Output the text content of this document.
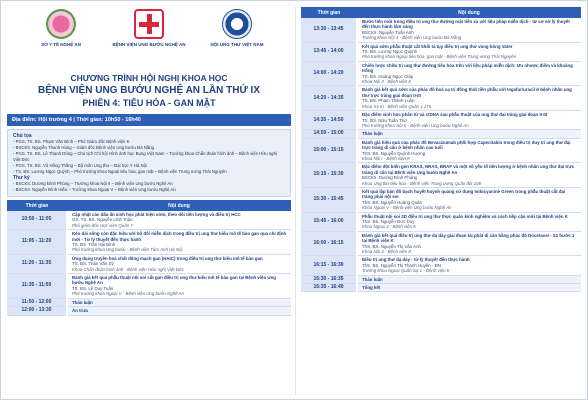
SỞ Y TẾ NGHỆ AN	BỆNH VIỆN UNG BƯỚU NGHỆ AN	HỘI UNG THƯ VIỆT NAM
CHƯƠNG TRÌNH HỘI NGHỊ KHOA HỌC
BỆNH VIỆN UNG BƯỚU NGHỆ AN LẦN THỨ IX
PHIÊN 4: TIÊU HÓA - GAN MẬT
Địa điểm: Hội trường 4 | Thời gian: 10h50 - 16h40
Chủ tọa
- PGS. TS. BS. Phạm Văn Bình – Phó Giám đốc Bệnh viện K
- BSCKII. Nguyễn Thanh Hùng – Giám đốc Bệnh viện Ung bướu Đà Nẵng
- PGS. TS. BS. Lê Thanh Dũng – Chủ tịch Chi hội Hình ảnh học Bụng Việt Nam – Trưởng khoa Chẩn đoán hình ảnh – Bệnh viện Hữu nghị Việt Đức
- PGS. TS. BS. Vũ Hồng Thăng – Bộ môn Ung thư – Đại học Y Hà Nội
- TS. BS. Lương Ngọc Quỳnh – Phó trưởng khoa Ngoại tiêu hóa, gan mật – Bệnh viện Trung ương Thái Nguyên
Thư ký
- BSCKII. Dương Đình Phùng – Trưởng khoa Nội II – Bệnh viện Ung bướu Nghệ An
- BSCKII. Nguyễn Đình Hiếu – Trưởng khoa Ngoại V – Bệnh viện Ung bướu Nghệ An
Thời gian	Nội dung
10:50 - 11:05	Cập nhật các dấu ấn sinh học phát hiện sớm, theo dõi tiên lượng và điều trị HCC
GS. TS. BS. Nguyễn Lĩnh Toàn
Phó giám đốc Học viện Quân Y

11:05 - 11:20	Kéo dài sống còn đặc hiệu với bộ đôi miễn dịch trong điều trị ung thư biểu mô tế bào gan qua chỉ định mới - Từ lý thuyết đến thực hành
TS. BS. Trần Hải Bình
Phó trưởng khoa Ung bướu - Bệnh viện Tâm Anh Hà Nội

11:20 - 11:35	Ứng dụng truyền hoá chất động mạch gan (HAIC) trong điều trị ung thư biểu mô tế bào gan
TS. BS. Thân Văn Sỹ
Khoa Chẩn đoán hình ảnh - Bệnh viện Hữu nghị Việt Đức

11:35 - 11:50	Đánh giá kết quả phẫu thuật nội soi cắt gan điều trị ung thư biểu mô tế bào gan tại Bệnh viện Ung bướu Nghệ An
TS. BS. Lê Duy Tuấn
Phó trưởng khoa Ngoại V - Bệnh viện Ung bướu Nghệ An

11:50 - 12:00	Thảo luận

12:00 - 13:30	Ăn trưa
Thời gian	Nội dung
13:30 - 13:45	Bước tiến mới trong điều trị ung thư đường mật tiến xa với liệu pháp miễn dịch - từ cơ sở lý thuyết đến thực hành lâm sàng
BSCKII. Nguyễn Tuấn Anh
Trưởng khoa Nội 4 - Bệnh viện Ung bướu Đà Nẵng

13:45 - 14:00	Kết quả sớm phẫu thuật cắt khối tá tụy điều trị ung thư vùng bóng Vater
TS. BS. Lương Ngọc Quỳnh
Phó trưởng khoa Ngoại tiêu hóa, gan mật - Bệnh viện Trung ương Thái Nguyên

14:00 - 14:20	Chiến lược chữa trị ung thư đường tiêu hóa trên với liệu pháp miễn dịch: Ưu nhược điểm và khoảng trống
TS. BS. Hoàng Ngọc Giáp
Khoa Nội 3 - Bệnh viện K

14:20 - 14:35	Đánh giá kết quả sớm của phác đồ hoá xạ trị đồng thời tiền phẫu với tegafur/uracil ở bệnh nhân ung thư trực tràng giai đoạn II-III
TS. BS. Phạm Thành Luân
Khoa Xạ trị - Bệnh viện Quân y 175

14:35 - 14:50	Đặc điểm sinh học phân tử và ctDNA sau phẫu thuật của ung thư đại tràng giai đoạn II-III
TS. BS. Nữu Tuấn Thơ
Phó trưởng khoa Nội II - Bệnh viện Ung bướu Nghệ An

14:50 - 15:00	Thảo luận

15:00 - 15:15	Đánh giá hiệu quả của phác đồ Bevacizumab phối hợp Capecitabin trong điều trị duy trì ung thư đại trực tràng di căn ở bệnh nhân cao tuổi
ThS. BS. Nguyễn Quỳnh Hương
Khoa Nội I - Bệnh viện K

15:15 - 15:30	Đặc điểm đột biến gen KRAS, NRAS, BRAF và một số yếu tố tiên lượng ở bệnh nhân ung thư đại trực tràng di căn tại Bệnh viện Ung bướu Nghệ An
BSCKII. Dương Đình Phùng
Khoa Ung thư tiêu hóa - Bệnh viện Trung ương Quân đội 108

15:30 - 15:45	Kết quả lập bản đồ bạch huyết huỳnh quang sử dụng Indocyanine Green trong phẫu thuật cắt đại tràng phải nội soi
ThS. BS. Nguyễn Hoàng Quân
Khoa Ngoại V - Bệnh viện Ung bướu Nghệ An

15:45 - 16:00	Phẫu thuật nội soi 3D điều trị ung thư thực quản kinh nghiệm và cách tiếp cận mới tại Bệnh viện K
ThS. BS. Nguyễn Đức Duy
Khoa Ngoại 3 - Bệnh viện K

16:00 - 16:15	Đánh giá kết quả điều trị ung thư dạ dày giai đoạn tái phát di căn bằng phác đồ Docetaxel - S1 bước 1 tại Bệnh viện K
ThS. BS. Nguyễn Thị Vân Anh
Khoa Nội 3 - Bệnh viện K

16:15 - 16:30	Điều trị ung thư dạ dày - từ lý thuyết đến thực hành
ThS. BS. Nguyễn Thị Thanh Huyền - ĐN
Trưởng khoa Ngoại Quân Sự 1 - Bệnh viện K

16:30 - 16:35	Thảo luận

16:35 - 16:40	Tổng kết
